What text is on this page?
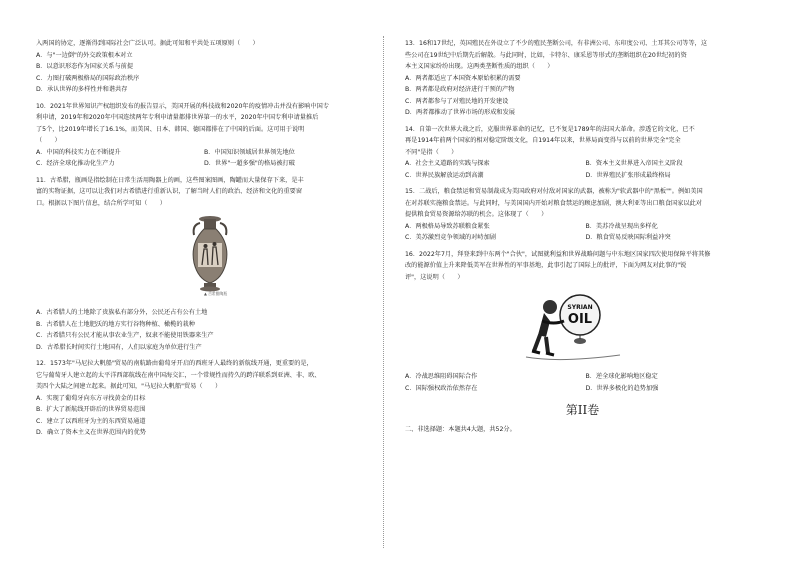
入两国的协定，逐渐得到国际社会广泛认可。据此可知和平共处五项原则（　　）

A．与"一边倒"的外交政策根本对立

B．以意识形态作为国家关系与前提

C．力图打破两极格局的国际政治秩序

D．承认世界的多样性并和谐共存

10．2021年世界知识产权组织发布的报告显示，美国开展的科技战和2020年的疫情冲击并没有影响中国专

利申请，2019年和2020年中国连续两年专利申请量都排世界第一的水平，2020年中国专利申请量推后

了5个，比2019年增长了16.1%，而美国、日本、韩国、德国都排在了中国的后面。这可用于说明

（　　）

A．中国的科技实力在不断提升	B．中国知识领域居世界领先地位
C．经济全球化推动化生产力	D．世界"一超多强"的格局被打破

11．古希腊，瓶画是指绘制在日常生活用陶器上的画，这些图案图画，陶罐而大量保存下来，是丰

富的实物证据，这可以让我们对古希腊进行重新认识，了解当时人们的政治、经济和文化的重要窗

口。根据以下图片信息，结合所学可知（　　）

▲ 古希腊陶瓶

A．古希腊人的土地除了贵族私有部分外，公民还占有公有土地

B．古希腊人在土地肥沃的地方实行谷物种植、橄榄的栽种

C．古希腊只有公民才能从事农业生产，奴隶不能使用铁器来生产

D．古希腊长时间实行土地国有，人们以家庭为单位进行生产

12．1573年"马尼拉大帆船"贸易的南航路由葡萄牙开启的西班牙人最终的新航线开通，更重要的是，

它与葡萄牙人建立起的太平洋西部航线在南中国海交汇，一个常规性而持久的跨洋联系到亚洲、非、欧、

美四个大陆之间建立起来。据此可知，"马尼拉大帆船"贸易（　　）

A．实现了葡萄牙向东方寻找黄金的目标

B．扩大了新航线开辟后的世界贸易范围

C．建立了以西班牙为主的东西贸易通道

D．确立了资本主义在世界范围内的优势

13．16和17世纪，英国殖民在外设立了不少的殖民垄断公司，有非洲公司、东印度公司、土耳其公司等等，这

些公司在19世纪中后期先后解散。与此同时，比如，卡特尔、康采恩等形式的垄断组织在20世纪初的资

本主义国家纷纷出现。这两类垄断性质的组织（　　）

A．两者都适应了本国资本原始积累的需要

B．两者都是政府对经济进行干预的产物

C．两者都参与了对殖民地的开发建设

D．两者都推动了世界市场的形成和发展

14．自第一次世界大战之后，克服世界革命的记忆，已不复是1789年的法国大革命。涉透它的文化，已不

再是1914年前两个国家的相对稳定阶级文化，自1914年以来，世界局面变得与以前的世界完全"完全

不同"是指（　　）

A．社会主义道路的实践与探索	B．资本主义世界进入帝国主义阶段
C．世界民族解放运动到高潮	D．世界殖民扩张形成最终格局

15．二战后，粮食禁运和贸易制裁成为美国政府对付敌对国家的武器，被称为"软武器中的"黑板""。例如美国

在对苏联实施粮食禁运。与此同时，与美国国内开始对粮食禁运的顾虑加剧，澳大利亚等出口粮食国家以此对

提供粮食贸易资源给苏联的机会。这体现了（　　）

A．两极格局导致苏联粮食紧张	B．美苏冷战呈现出多样化
C．美苏激烈竞争领域的对峙加剧	D．粮食贸易反映国际利益冲突

16．2022年7月，拜登来到中东两个"合伙"，试图就利益和世界战略问题与中东地区国家四次使用保障平将其修

改的能源价值上升来降低美军在世界性的军事基地，此事引起了国际上的批评，下面为网友对此事的"锐

评"，这说明（　　）

SYRIAN
OIL
A．冷战思维阻碍国际合作	B．逆全球化影响地区稳定
C．国际强权政治依然存在	D．世界多极化的趋势加强
第II卷

二、非选择题：本题共4大题，共52分。
